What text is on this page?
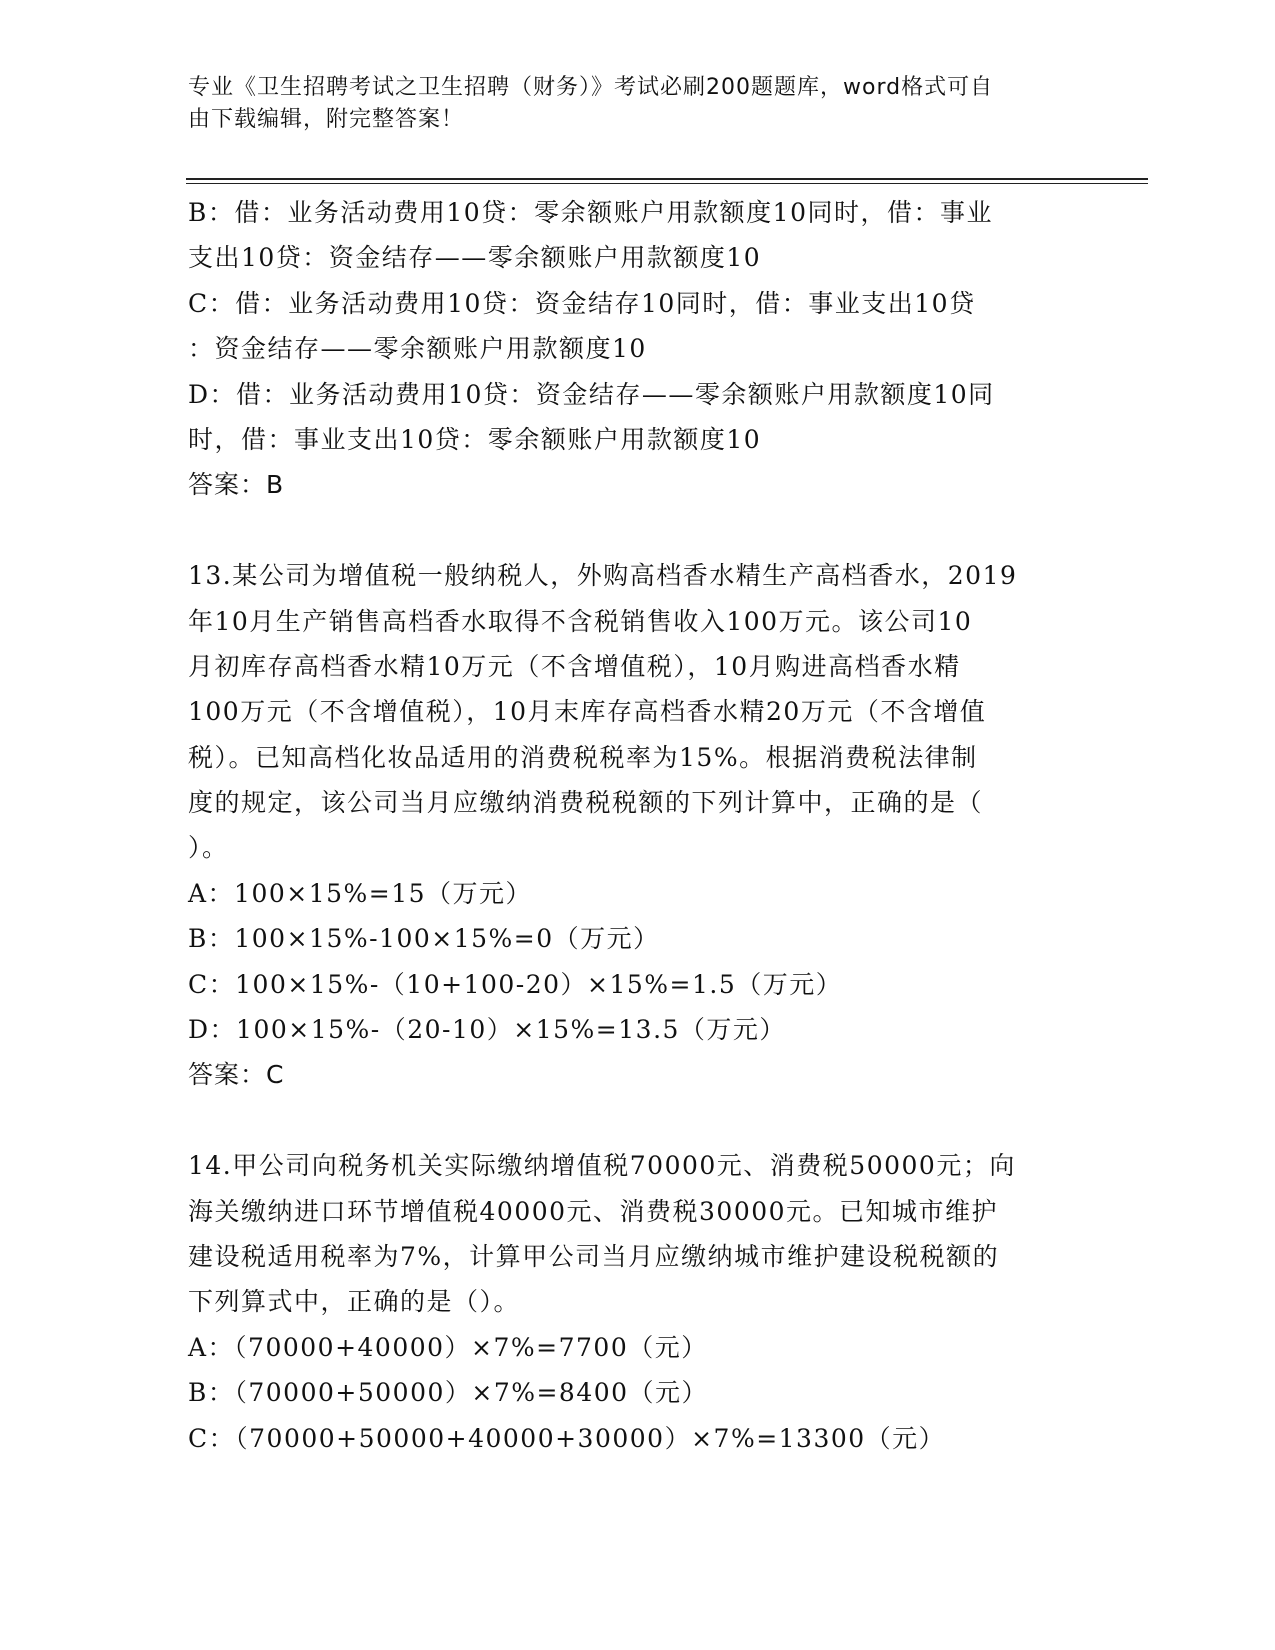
专业《卫生招聘考试之卫生招聘（财务）》考试必刷200题题库，word格式可自
由下载编辑，附完整答案！
B：借：业务活动费用10贷：零余额账户用款额度10同时，借：事业
支出10贷：资金结存——零余额账户用款额度10
C：借：业务活动费用10贷：资金结存10同时，借：事业支出10贷
：资金结存——零余额账户用款额度10
D：借：业务活动费用10贷：资金结存——零余额账户用款额度10同
时，借：事业支出10贷：零余额账户用款额度10
答案：B
13.某公司为增值税一般纳税人，外购高档香水精生产高档香水，2019
年10月生产销售高档香水取得不含税销售收入100万元。该公司10
月初库存高档香水精10万元（不含增值税），10月购进高档香水精
100万元（不含增值税），10月末库存高档香水精20万元（不含增值
税）。已知高档化妆品适用的消费税税率为15%。根据消费税法律制
度的规定，该公司当月应缴纳消费税税额的下列计算中，正确的是（
）。
A：100×15%=15（万元）
B：100×15%-100×15%=0（万元）
C：100×15%-（10+100-20）×15%=1.5（万元）
D：100×15%-（20-10）×15%=13.5（万元）
答案：C
14.甲公司向税务机关实际缴纳增值税70000元、消费税50000元；向
海关缴纳进口环节增值税40000元、消费税30000元。已知城市维护
建设税适用税率为7%，计算甲公司当月应缴纳城市维护建设税税额的
下列算式中，正确的是（）。
A：（70000+40000）×7%=7700（元）
B：（70000+50000）×7%=8400（元）
C：（70000+50000+40000+30000）×7%=13300（元）
